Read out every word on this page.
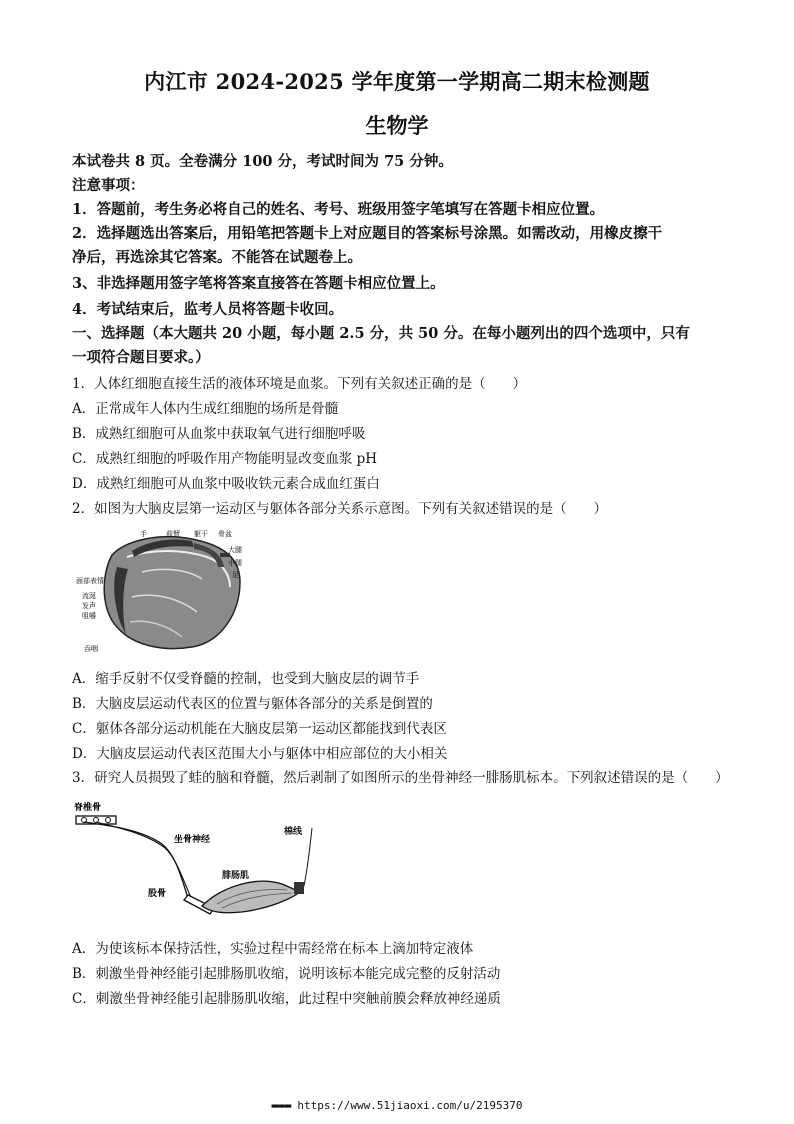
内江市 2024-2025 学年度第一学期高二期末检测题
生物学
本试卷共 8 页。全卷满分 100 分，考试时间为 75 分钟。
注意事项：
1．答题前，考生务必将自己的姓名、考号、班级用签字笔填写在答题卡相应位置。
2．选择题选出答案后，用铅笔把答题卡上对应题目的答案标号涂黑。如需改动，用橡皮擦干
净后，再选涂其它答案。不能答在试题卷上。
3、非选择题用签字笔将答案直接答在答题卡相应位置上。
4．考试结束后，监考人员将答题卡收回。
一、选择题（本大题共 20 小题，每小题 2.5 分，共 50 分。在每小题列出的四个选项中，只有
一项符合题目要求。）
1．人体红细胞直接生活的液体环境是血浆。下列有关叙述正确的是（　　）
A．正常成年人体内生成红细胞的场所是骨髓
B．成熟红细胞可从血浆中获取氧气进行细胞呼吸
C．成熟红细胞的呼吸作用产物能明显改变血浆 pH
D．成熟红细胞可从血浆中吸收铁元素合成血红蛋白
2．如图为大脑皮层第一运动区与躯体各部分关系示意图。下列有关叙述错误的是（　　）
手	前臂 躯干 骨盆
大腿
小腿
足
面部表情
流涎
发声
咀嚼
吞咽
A．缩手反射不仅受脊髓的控制，也受到大脑皮层的调节手
B．大脑皮层运动代表区的位置与躯体各部分的关系是倒置的
C．躯体各部分运动机能在大脑皮层第一运动区都能找到代表区
D．大脑皮层运动代表区范围大小与躯体中相应部位的大小相关
3．研究人员损毁了蛙的脑和脊髓，然后剥制了如图所示的坐骨神经一腓肠肌标本。下列叙述错误的是（　　）
脊椎骨
坐骨神经
棉线
腓肠肌
股骨
A．为使该标本保持活性，实验过程中需经常在标本上滴加特定液体
B．刺激坐骨神经能引起腓肠肌收缩，说明该标本能完成完整的反射活动
C．刺激坐骨神经能引起腓肠肌收缩，此过程中突触前膜会释放神经递质
▬▬▬ https://www.51jiaoxi.com/u/2195370
